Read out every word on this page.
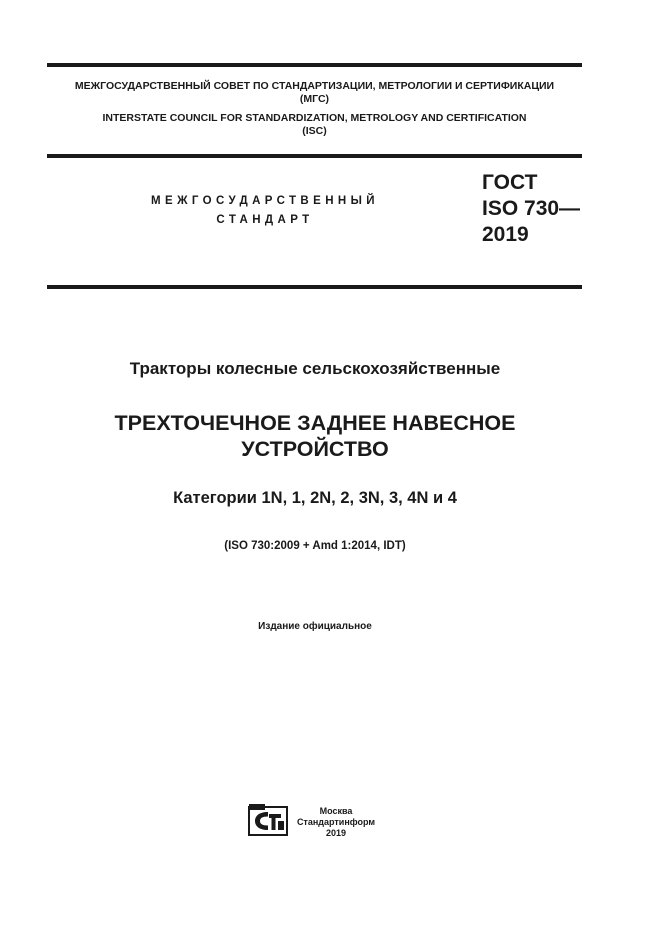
МЕЖГОСУДАРСТВЕННЫЙ СОВЕТ ПО СТАНДАРТИЗАЦИИ, МЕТРОЛОГИИ И СЕРТИФИКАЦИИ
(МГС)
INTERSTATE COUNCIL FOR STANDARDIZATION, METROLOGY AND CERTIFICATION
(ISC)
МЕЖГОСУДАРСТВЕННЫЙ
СТАНДАРТ
ГОСТ
ISO 730—
2019
Тракторы колесные сельскохозяйственные
ТРЕХТОЧЕЧНОЕ ЗАДНЕЕ НАВЕСНОЕ
УСТРОЙСТВО
Категории 1N, 1, 2N, 2, 3N, 3, 4N и 4
(ISO 730:2009 + Amd 1:2014, IDT)
Издание официальное
Москва
Стандартинформ
2019
